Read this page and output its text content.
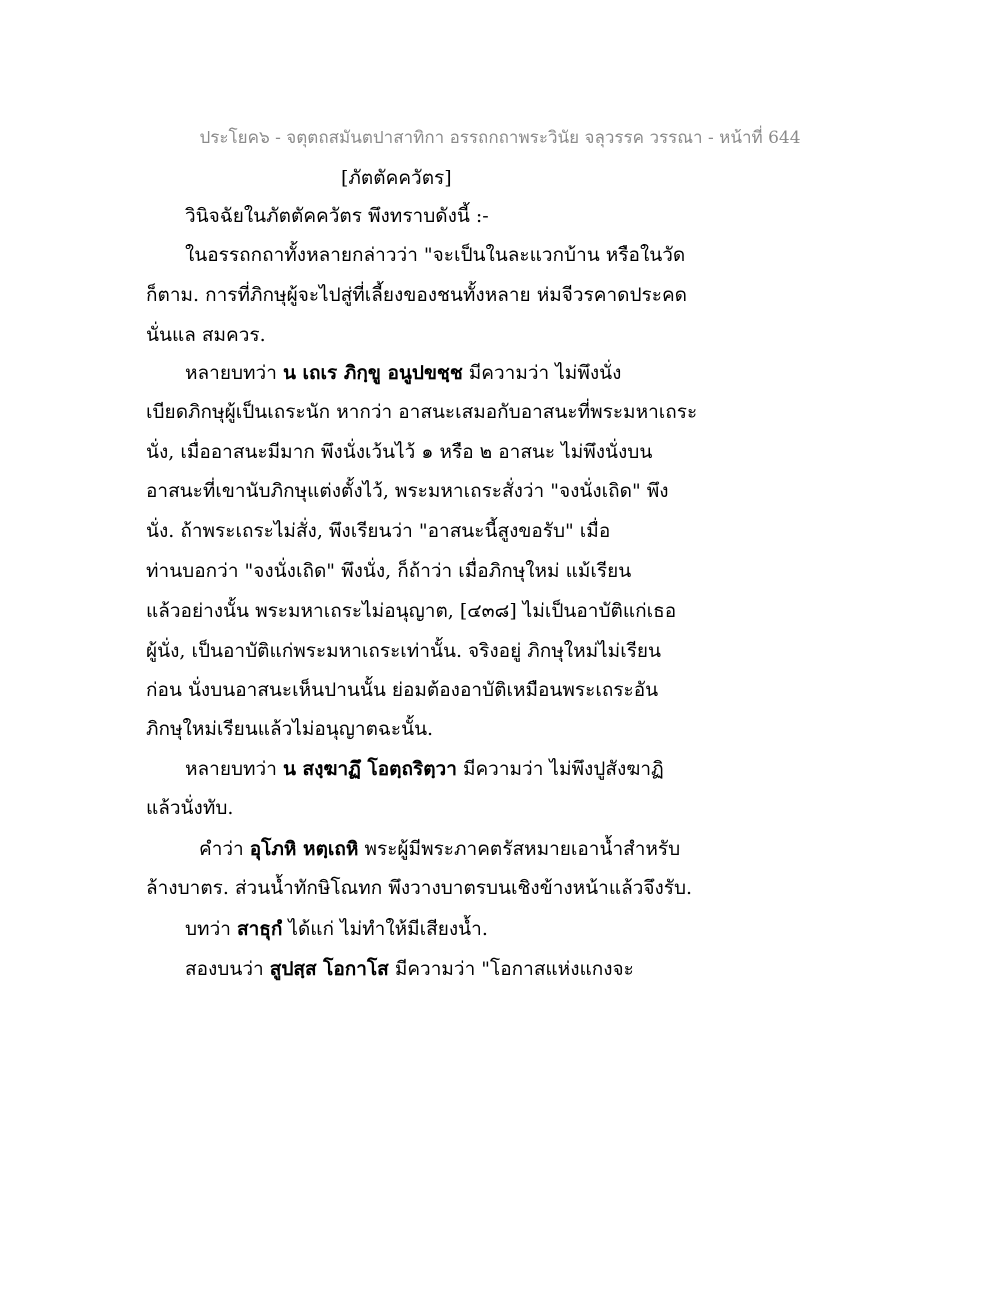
ประโยค๖ - จตุตถสมันตปาสาทิกา อรรถกถาพระวินัย จลุวรรค วรรณา - หน้าที่ 644
[ภัตตัคควัตร]
วินิจฉัยในภัตตัคควัตร พึงทราบดังนี้ :-
ในอรรถกถาทั้งหลายกล่าวว่า "จะเป็นในละแวกบ้าน หรือในวัด
ก็ตาม. การที่ภิกษุผู้จะไปสู่ที่เลี้ยงของชนทั้งหลาย ห่มจีวรคาดประคด
นั่นแล สมควร.
หลายบทว่า น เถเร ภิกฺขู อนูปขชฺช มีความว่า ไม่พึงนั่ง
เบียดภิกษุผู้เป็นเถระนัก หากว่า อาสนะเสมอกับอาสนะที่พระมหาเถระ
นั่ง, เมื่ออาสนะมีมาก พึงนั่งเว้นไว้ ๑ หรือ ๒ อาสนะ ไม่พึงนั่งบน
อาสนะที่เขานับภิกษุแต่งตั้งไว้, พระมหาเถระสั่งว่า "จงนั่งเถิด" พึง
นั่ง. ถ้าพระเถระไม่สั่ง, พึงเรียนว่า "อาสนะนี้สูงขอรับ" เมื่อ
ท่านบอกว่า "จงนั่งเถิด" พึงนั่ง, ก็ถ้าว่า เมื่อภิกษุใหม่ แม้เรียน
แล้วอย่างนั้น พระมหาเถระไม่อนุญาต, [๔๓๘] ไม่เป็นอาบัติแก่เธอ
ผู้นั่ง, เป็นอาบัติแก่พระมหาเถระเท่านั้น. จริงอยู่ ภิกษุใหม่ไม่เรียน
ก่อน นั่งบนอาสนะเห็นปานนั้น ย่อมต้องอาบัติเหมือนพระเถระอัน
ภิกษุใหม่เรียนแล้วไม่อนุญาตฉะนั้น.
หลายบทว่า น สงฺฆาฏึ โอตฺถริตฺวา มีความว่า ไม่พึงปูสังฆาฏิ
แล้วนั่งทับ.
คำว่า อุโภหิ หตฺเถหิ พระผู้มีพระภาคตรัสหมายเอาน้ำสำหรับ
ล้างบาตร. ส่วนน้ำทักษิโณทก พึงวางบาตรบนเชิงข้างหน้าแล้วจึงรับ.
บทว่า สาธุกํ ได้แก่ ไม่ทำให้มีเสียงน้ำ.
สองบนว่า สูปสฺส โอกาโส มีความว่า "โอกาสแห่งแกงจะ
